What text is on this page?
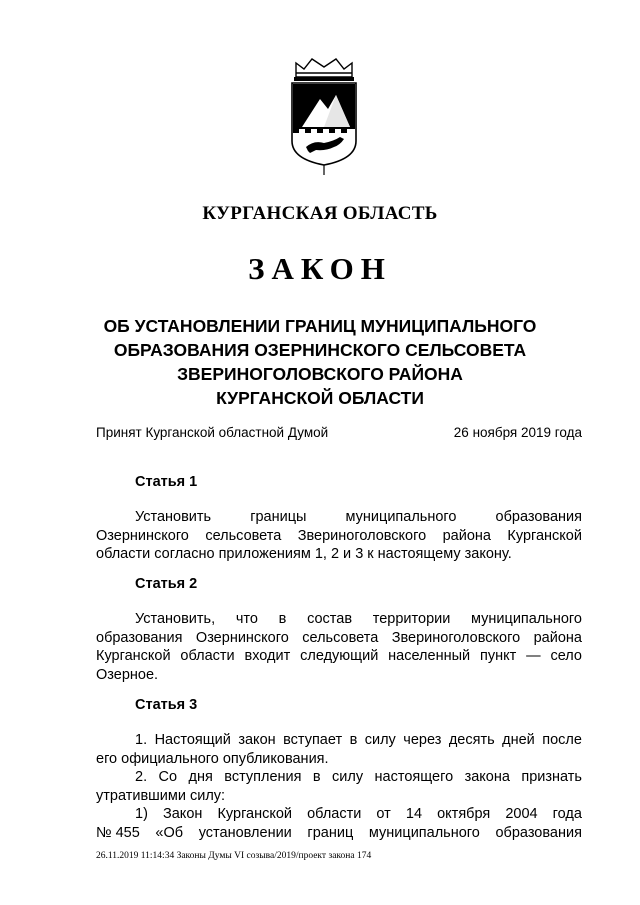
КУРГАНСКАЯ ОБЛАСТЬ
ЗАКОН
ОБ УСТАНОВЛЕНИИ ГРАНИЦ МУНИЦИПАЛЬНОГО
ОБРАЗОВАНИЯ ОЗЕРНИНСКОГО СЕЛЬСОВЕТА
ЗВЕРИНОГОЛОВСКОГО РАЙОНА
КУРГАНСКОЙ ОБЛАСТИ
Принят Курганской областной Думой	26 ноября 2019 года
Статья 1
Установить	границы	муниципального	образования
Озернинского сельсовета Звериноголовского района Курганской
области согласно приложениям 1, 2 и 3 к настоящему закону.
Статья 2
Установить, что в состав территории муниципального
образования Озернинского сельсовета Звериноголовского района
Курганской области входит следующий населенный пункт — село
Озерное.
Статья 3
1. Настоящий закон вступает в силу через десять дней после
его официального опубликования.
2. Со дня вступления в силу настоящего закона признать
утратившими силу:
1) Закон Курганской области от 14 октября 2004 года
№ 455 «Об установлении границ муниципального образования
26.11.2019 11:14:34 Законы Думы VI созыва/2019/проект закона 174
